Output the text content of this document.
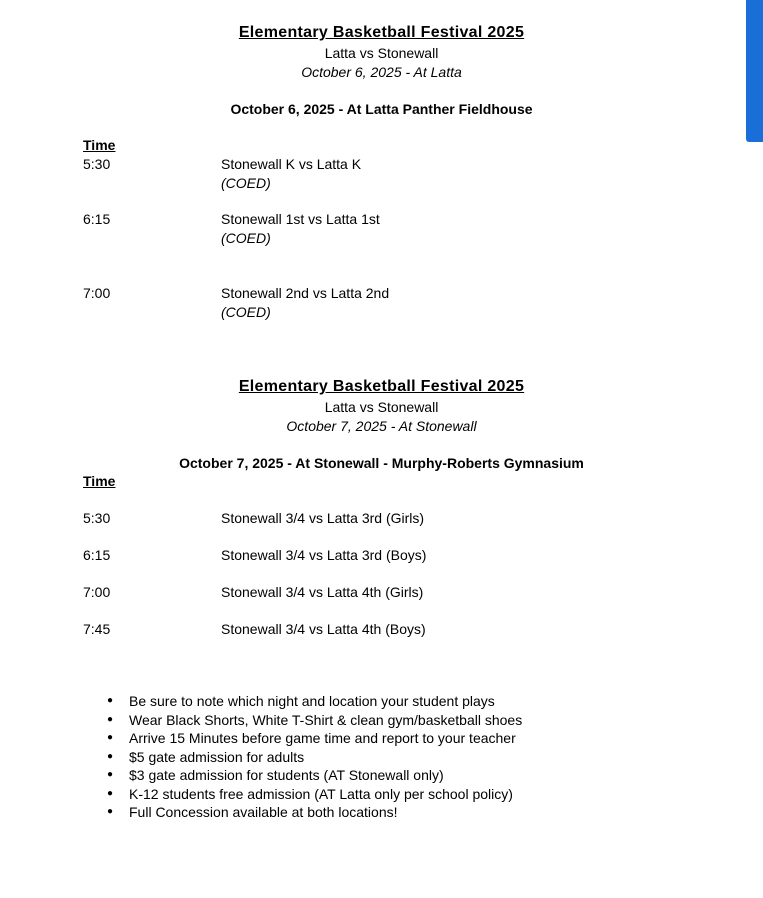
Elementary Basketball Festival 2025
Latta vs Stonewall
October 6, 2025 - At Latta
October 6, 2025 - At Latta Panther Fieldhouse
Time
5:30	Stonewall K vs Latta K
(COED)
6:15	Stonewall 1st vs Latta 1st
(COED)
7:00	Stonewall 2nd vs Latta 2nd
(COED)
Elementary Basketball Festival 2025
Latta vs Stonewall
October 7, 2025 - At Stonewall
October 7, 2025 - At Stonewall - Murphy-Roberts Gymnasium
Time
5:30	Stonewall 3/4 vs Latta 3rd (Girls)
6:15	Stonewall 3/4 vs Latta 3rd (Boys)
7:00	Stonewall 3/4 vs Latta 4th (Girls)
7:45	Stonewall 3/4 vs Latta 4th (Boys)
● Be sure to note which night and location your student plays
● Wear Black Shorts, White T-Shirt & clean gym/basketball shoes
● Arrive 15 Minutes before game time and report to your teacher
● $5 gate admission for adults
● $3 gate admission for students (AT Stonewall only)
● K-12 students free admission (AT Latta only per school policy)
● Full Concession available at both locations!
